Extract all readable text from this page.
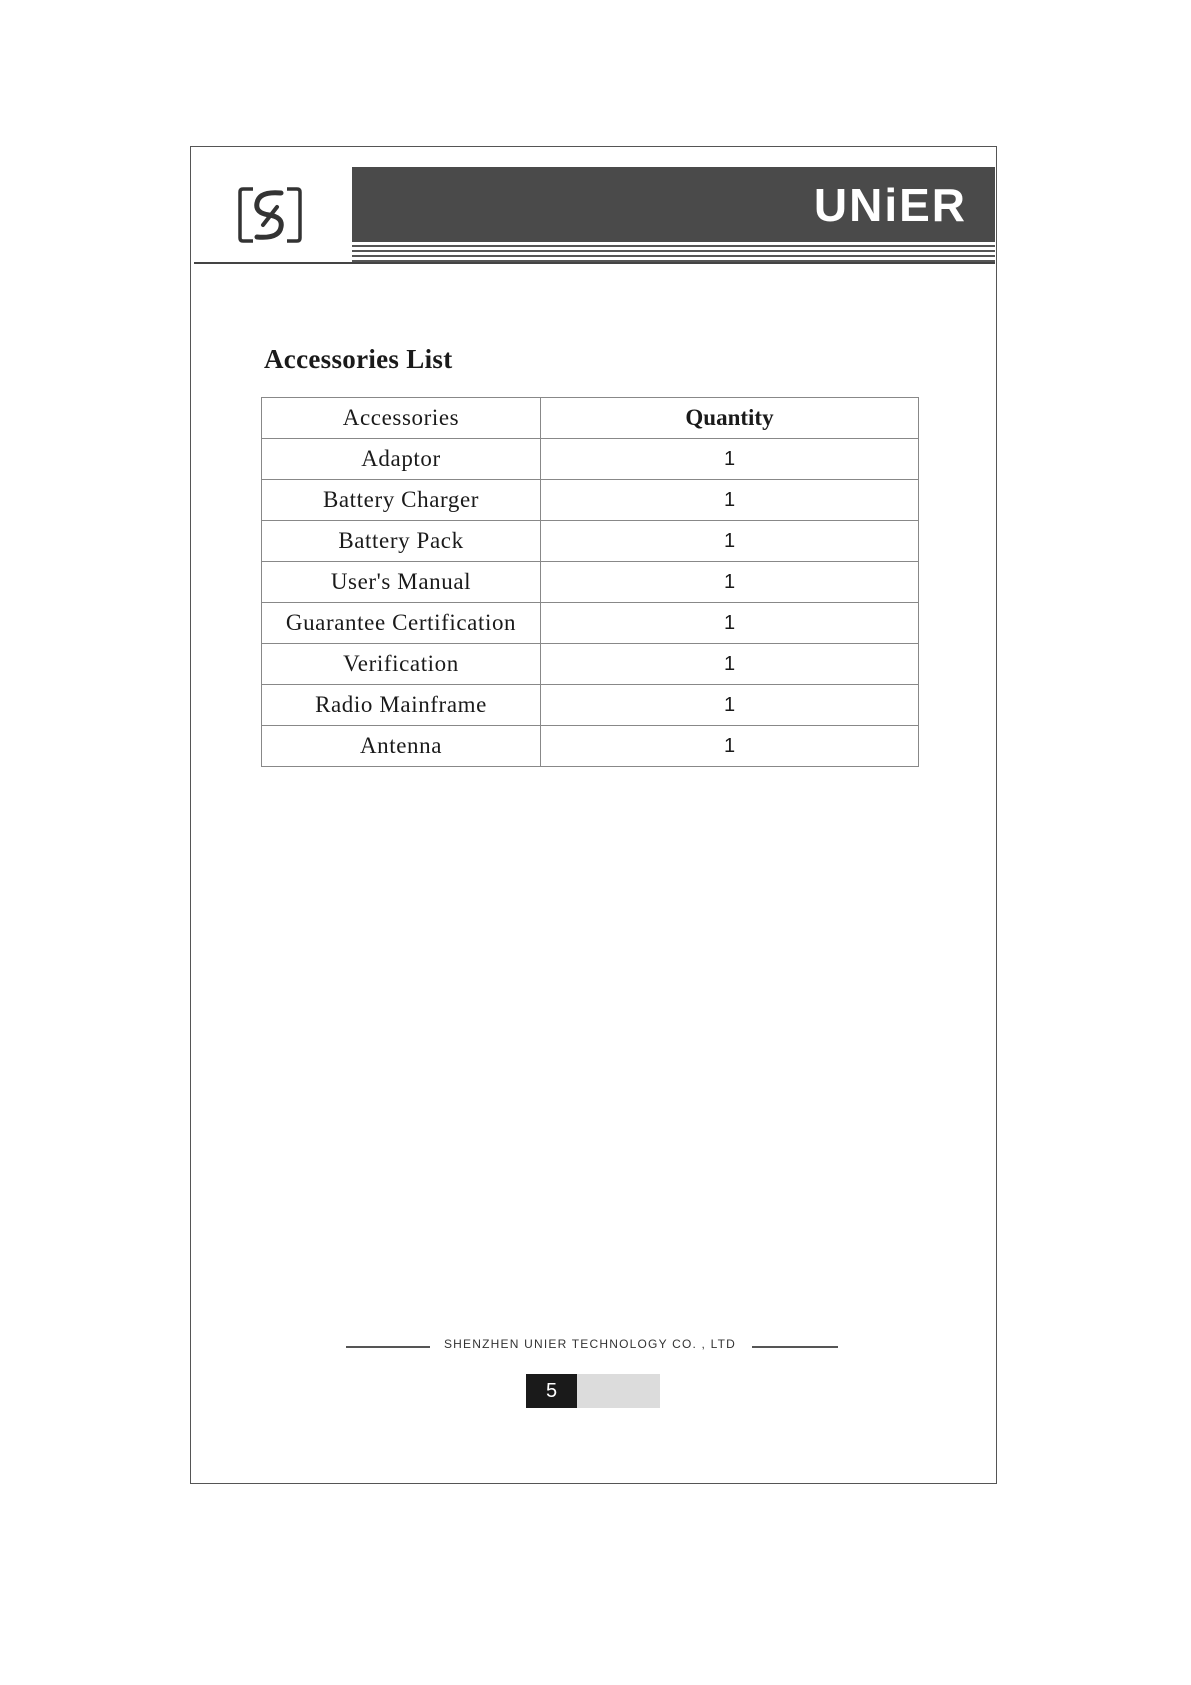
UNiER
Accessories List
Accessories	Quantity
Adaptor	1
Battery Charger	1
Battery Pack	1
User's Manual	1
Guarantee Certification	1
Verification	1
Radio Mainframe	1
Antenna	1
SHENZHEN UNIER TECHNOLOGY CO. , LTD
5
